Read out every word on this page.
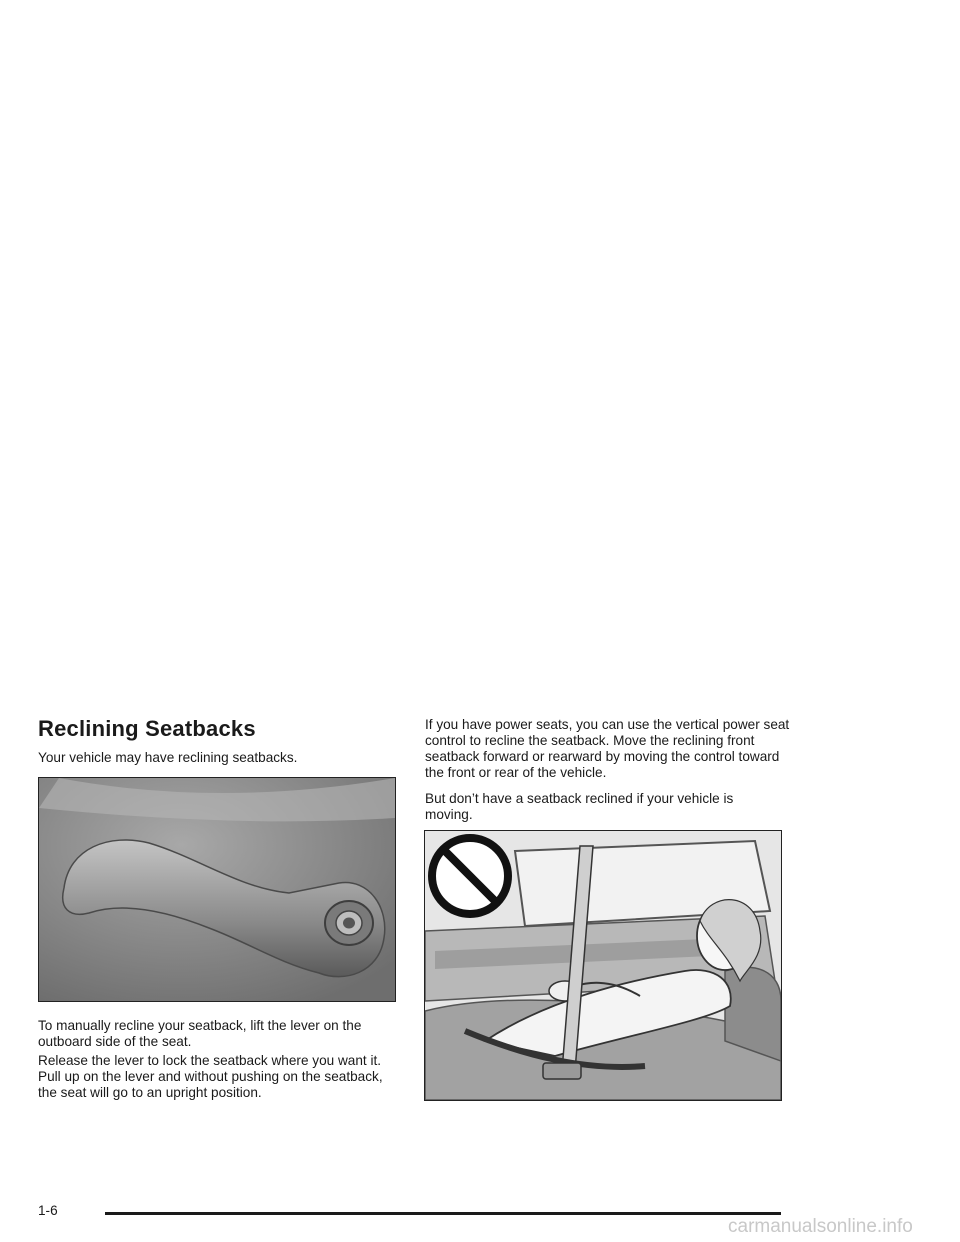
Reclining Seatbacks

Your vehicle may have reclining seatbacks.

To manually recline your seatback, lift the lever on the outboard side of the seat.

Release the lever to lock the seatback where you want it. Pull up on the lever and without pushing on the seatback, the seat will go to an upright position.

If you have power seats, you can use the vertical power seat control to recline the seatback. Move the reclining front seatback forward or rearward by moving the control toward the front or rear of the vehicle.

But don’t have a seatback reclined if your vehicle is moving.

1-6
carmanualsonline.info
